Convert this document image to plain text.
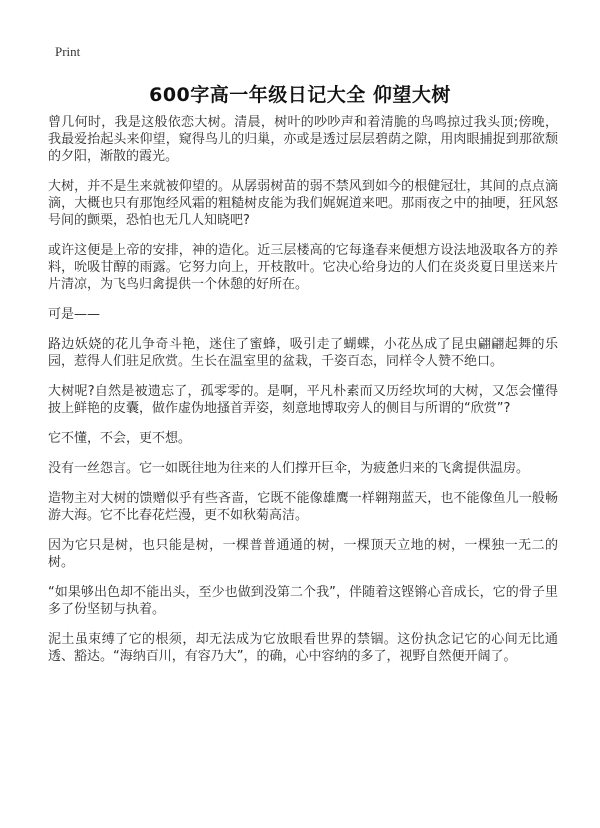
Print
600字高一年级日记大全 仰望大树

曾几何时，我是这般依恋大树。清晨，树叶的吵吵声和着清脆的鸟鸣掠过我头顶;傍晚，我最爱抬起头来仰望，窥得鸟儿的归巢，亦或是透过层层碧荫之隙，用肉眼捕捉到那欲颓的夕阳，渐散的霞光。

大树，并不是生来就被仰望的。从孱弱树苗的弱不禁风到如今的根健冠壮，其间的点点滴滴，大概也只有那饱经风霜的粗糙树皮能为我们娓娓道来吧。那雨夜之中的抽哽，狂风怒号间的颤栗，恐怕也无几人知晓吧?

或许这便是上帝的安排，神的造化。近三层楼高的它每逢春来便想方设法地汲取各方的养料，吮吸甘醇的雨露。它努力向上，开枝散叶。它决心给身边的人们在炎炎夏日里送来片片清凉，为飞鸟归禽提供一个休憩的好所在。

可是——

路边妖娆的花儿争奇斗艳，迷住了蜜蜂，吸引走了蝴蝶，小花丛成了昆虫翩翩起舞的乐园，惹得人们驻足欣赏。生长在温室里的盆栽，千姿百态，同样令人赞不绝口。

大树呢?自然是被遗忘了，孤零零的。是啊，平凡朴素而又历经坎坷的大树，又怎会懂得披上鲜艳的皮囊，做作虚伪地搔首弄姿，刻意地博取旁人的侧目与所谓的“欣赏”?

它不懂，不会，更不想。

没有一丝怨言。它一如既往地为往来的人们撑开巨伞，为疲惫归来的飞禽提供温房。

造物主对大树的馈赠似乎有些吝啬，它既不能像雄鹰一样翱翔蓝天，也不能像鱼儿一般畅游大海。它不比春花烂漫，更不如秋菊高洁。

因为它只是树，也只能是树，一棵普普通通的树，一棵顶天立地的树，一棵独一无二的树。

“如果够出色却不能出头，至少也做到没第二个我”，伴随着这铿锵心音成长，它的骨子里多了份坚韧与执着。

泥土虽束缚了它的根须，却无法成为它放眼看世界的禁锢。这份执念记它的心间无比通透、豁达。“海纳百川，有容乃大”，的确，心中容纳的多了，视野自然便开阔了。
